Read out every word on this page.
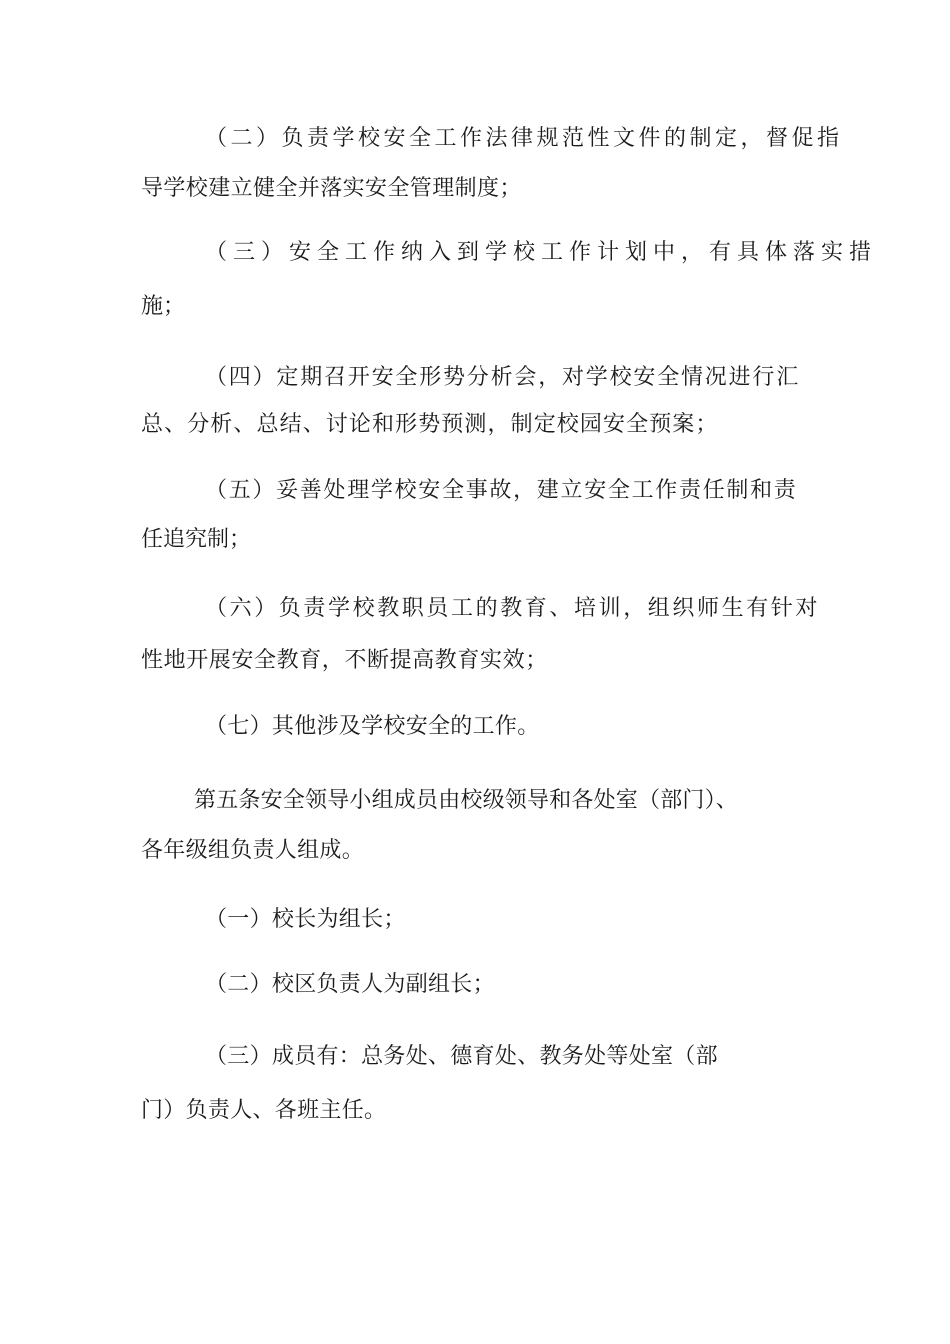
（二）负责学校安全工作法律规范性文件的制定，督促指

导学校建立健全并落实安全管理制度；

（三）安全工作纳入到学校工作计划中，有具体落实措

施；

（四）定期召开安全形势分析会，对学校安全情况进行汇

总、分析、总结、讨论和形势预测，制定校园安全预案；

（五）妥善处理学校安全事故，建立安全工作责任制和责

任追究制；

（六）负责学校教职员工的教育、培训，组织师生有针对

性地开展安全教育，不断提高教育实效；

（七）其他涉及学校安全的工作。

第五条安全领导小组成员由校级领导和各处室（部门）、

各年级组负责人组成。

（一）校长为组长；

（二）校区负责人为副组长；

（三）成员有：总务处、德育处、教务处等处室（部

门）负责人、各班主任。
